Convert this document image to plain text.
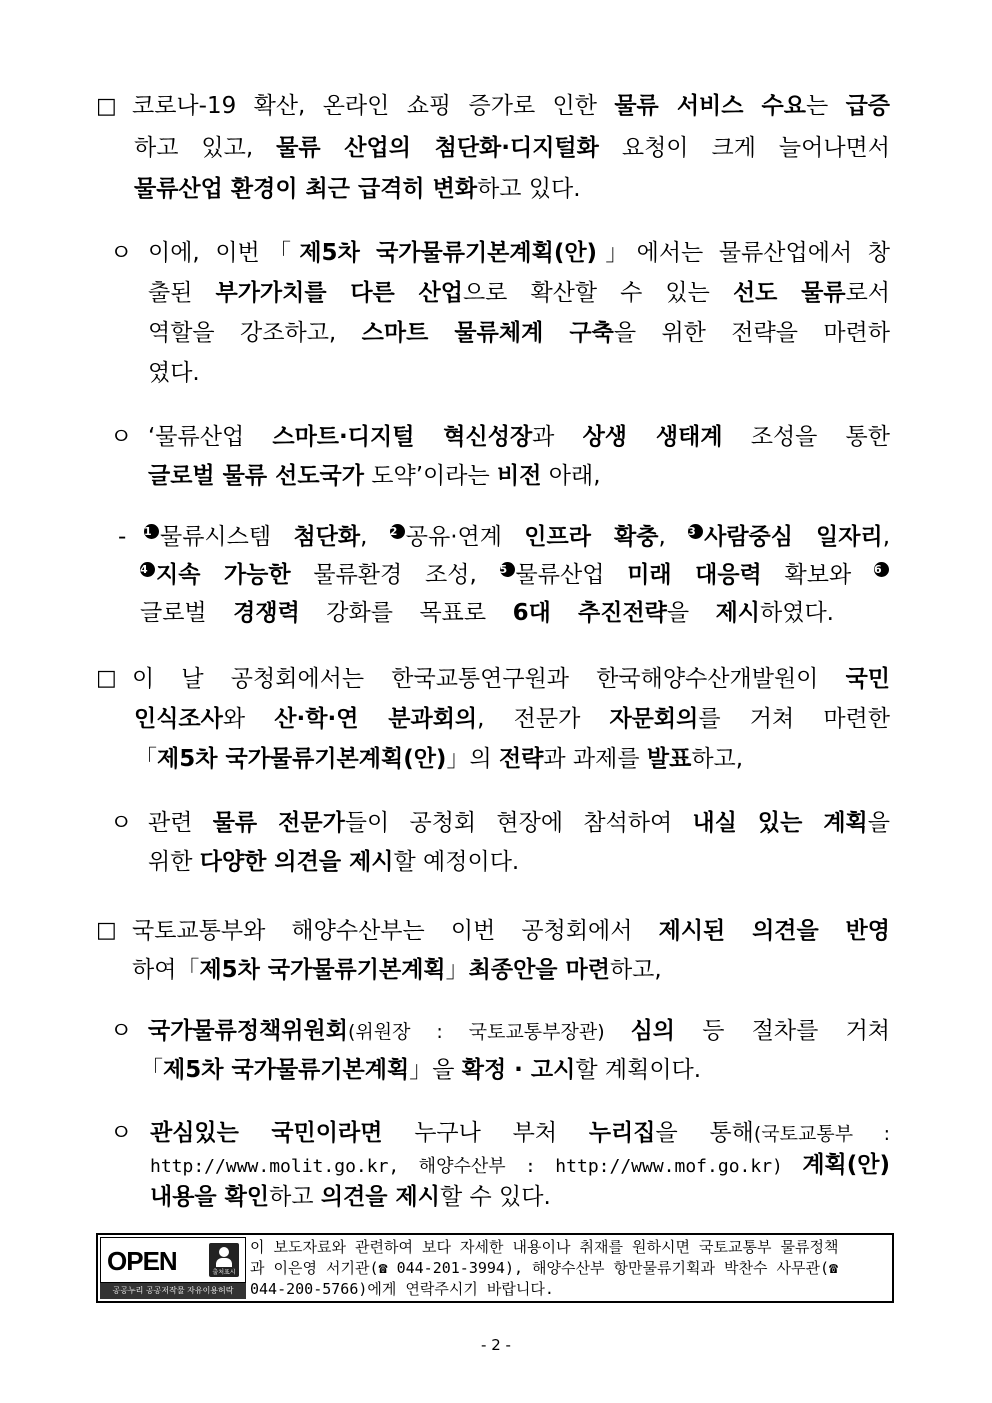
□ 코로나-19 확산, 온라인 쇼핑 증가로 인한 물류 서비스 수요는 급증
하고 있고, 물류 산업의 첨단화·디지털화 요청이 크게 늘어나면서
물류산업 환경이 최근 급격히 변화하고 있다.
ㅇ 이에, 이번「제5차 국가물류기본계획(안)」에서는 물류산업에서 창
출된 부가가치를 다른 산업으로 확산할 수 있는 선도 물류로서
역할을 강조하고, 스마트 물류체계 구축을 위한 전략을 마련하
였다.
ㅇ ‘물류산업 스마트·디지털 혁신성장과 상생 생태계 조성을 통한
글로벌 물류 선도국가 도약’이라는 비전 아래,
- 1 물류시스템 첨단화, 2 공유·연계 인프라 확충, 3 사람중심 일자리,
4 지속 가능한 물류환경 조성, 5 물류산업 미래 대응력 확보와 6
글로벌 경쟁력 강화를 목표로 6대 추진전략을 제시하였다.
□ 이 날 공청회에서는 한국교통연구원과 한국해양수산개발원이 국민
인식조사와 산·학·연 분과회의, 전문가 자문회의를 거쳐 마련한
「제5차 국가물류기본계획(안)」의 전략과 과제를 발표하고,
ㅇ 관련 물류 전문가들이 공청회 현장에 참석하여 내실 있는 계획을
위한 다양한 의견을 제시할 예정이다.
□ 국토교통부와 해양수산부는 이번 공청회에서 제시된 의견을 반영
하여「제5차 국가물류기본계획」최종안을 마련하고,
ㅇ 국가물류정책위원회(위원장 : 국토교통부장관) 심의 등 절차를 거쳐
「제5차 국가물류기본계획」을 확정 · 고시할 계획이다.
ㅇ 관심있는 국민이라면 누구나 부처 누리집을 통해(국토교통부 :
http://www.molit.go.kr, 해양수산부 : http://www.mof.go.kr) 계획(안)
내용을 확인하고 의견을 제시할 수 있다.
OPEN	출처표시
공공누리 공공저작물 자유이용허락
이 보도자료와 관련하여 보다 자세한 내용이나 취재를 원하시면 국토교통부 물류정책
과 이은영 서기관(☎ 044-201-3994), 해양수산부 항만물류기획과 박찬수 사무관(☎
044-200-5766)에게 연락주시기 바랍니다.
- 2 -
